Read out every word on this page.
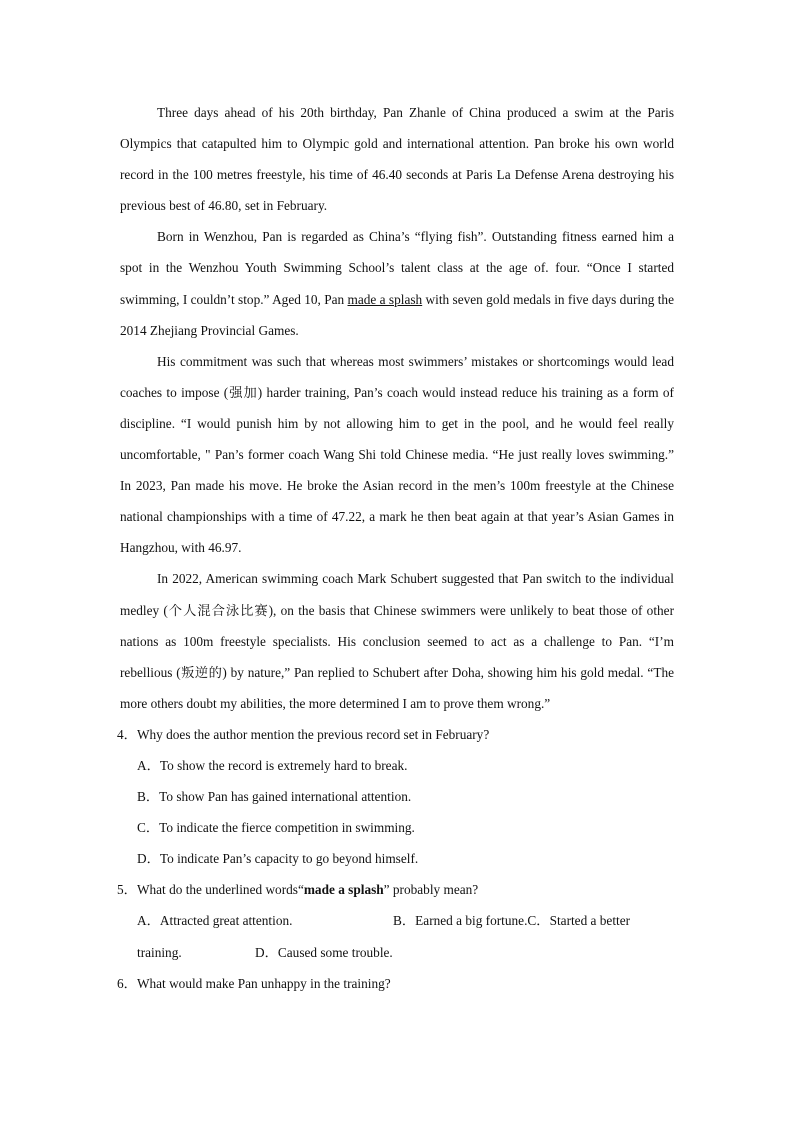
Three days ahead of his 20th birthday, Pan Zhanle of China produced a swim at the Paris Olympics that catapulted him to Olympic gold and international attention. Pan broke his own world record in the 100 metres freestyle, his time of 46.40 seconds at Paris La Defense Arena destroying his previous best of 46.80, set in February.

Born in Wenzhou, Pan is regarded as China’s “flying fish”. Outstanding fitness earned him a spot in the Wenzhou Youth Swimming School’s talent class at the age of. four. “Once I started swimming, I couldn’t stop.” Aged 10, Pan made a splash with seven gold medals in five days during the 2014 Zhejiang Provincial Games.

His commitment was such that whereas most swimmers’ mistakes or shortcomings would lead coaches to impose (强加) harder training, Pan’s coach would instead reduce his training as a form of discipline. “I would punish him by not allowing him to get in the pool, and he would feel really uncomfortable, " Pan’s former coach Wang Shi told Chinese media. “He just really loves swimming.” In 2023, Pan made his move. He broke the Asian record in the men’s 100m freestyle at the Chinese national championships with a time of 47.22, a mark he then beat again at that year’s Asian Games in Hangzhou, with 46.97.

In 2022, American swimming coach Mark Schubert suggested that Pan switch to the individual medley (个人混合泳比赛), on the basis that Chinese swimmers were unlikely to beat those of other nations as 100m freestyle specialists. His conclusion seemed to act as a challenge to Pan. “I’m rebellious (叛逆的) by nature,” Pan replied to Schubert after Doha, showing him his gold medal. “The more others doubt my abilities, the more determined I am to prove them wrong.”

4．Why does the author mention the previous record set in February?

A．To show the record is extremely hard to break.

B．To show Pan has gained international attention.

C．To indicate the fierce competition in swimming.

D．To indicate Pan’s capacity to go beyond himself.

5．What do the underlined words“made a splash” probably mean?

A．Attracted great attention.	B．Earned a big fortune.C．Started a better

training.	D．Caused some trouble.

6．What would make Pan unhappy in the training?
